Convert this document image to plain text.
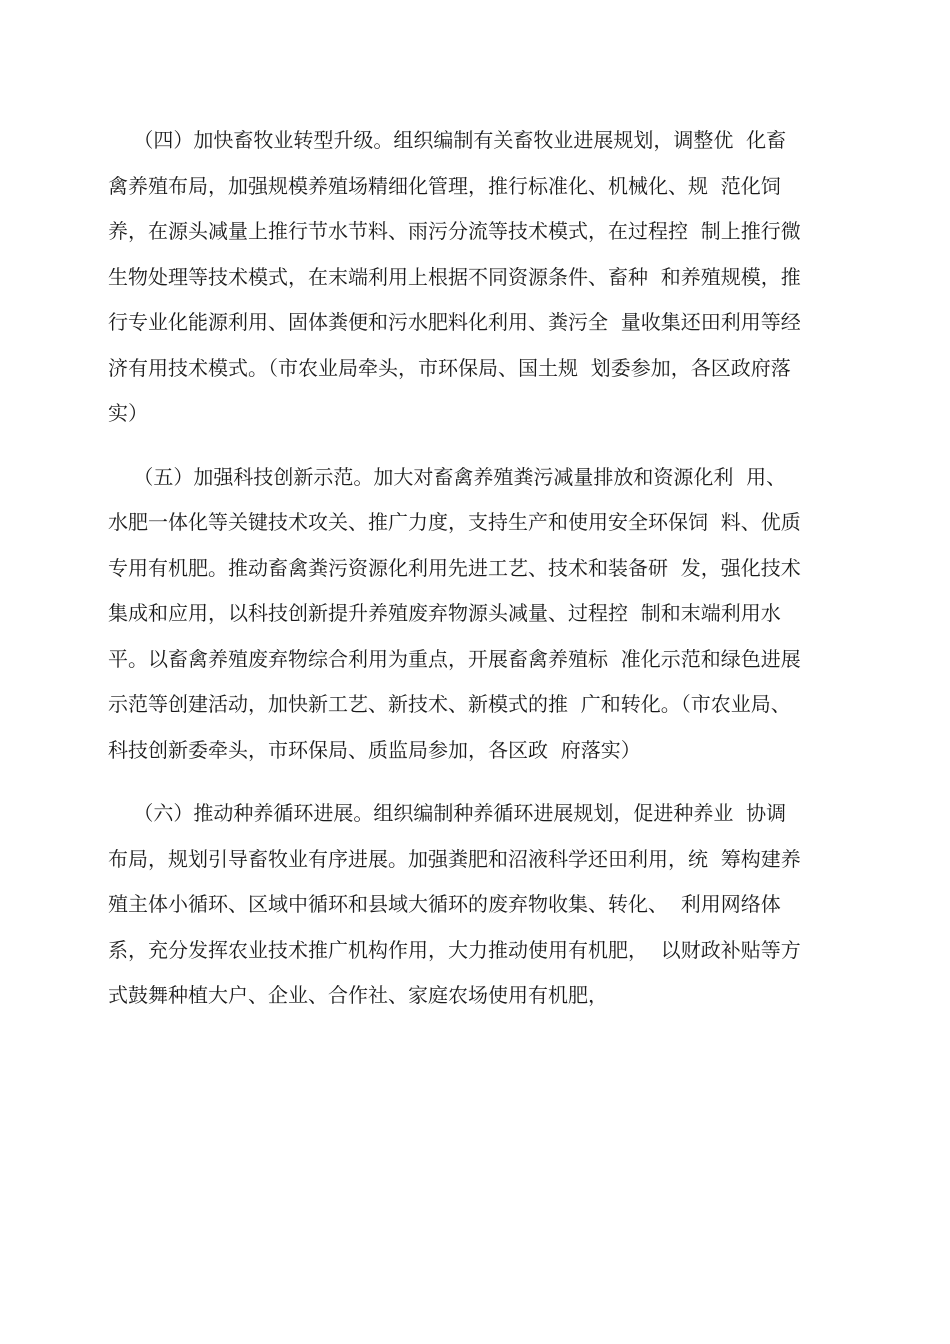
（四）加快畜牧业转型升级。组织编制有关畜牧业进展规划，调整优  化畜
禽养殖布局，加强规模养殖场精细化管理，推行标准化、机械化、规  范化饲
养，在源头减量上推行节水节料、雨污分流等技术模式，在过程控  制上推行微
生物处理等技术模式，在末端利用上根据不同资源条件、畜种  和养殖规模，推
行专业化能源利用、固体粪便和污水肥料化利用、粪污全  量收集还田利用等经
济有用技术模式。（市农业局牵头，市环保局、国土规  划委参加，各区政府落
实）

（五）加强科技创新示范。加大对畜禽养殖粪污减量排放和资源化利  用、
水肥一体化等关键技术攻关、推广力度，支持生产和使用安全环保饲  料、优质
专用有机肥。推动畜禽粪污资源化利用先进工艺、技术和装备研  发，强化技术
集成和应用，以科技创新提升养殖废弃物源头减量、过程控  制和末端利用水
平。以畜禽养殖废弃物综合利用为重点，开展畜禽养殖标  准化示范和绿色进展
示范等创建活动，加快新工艺、新技术、新模式的推  广和转化。（市农业局、
科技创新委牵头，市环保局、质监局参加，各区政  府落实）

（六）推动种养循环进展。组织编制种养循环进展规划，促进种养业  协调
布局，规划引导畜牧业有序进展。加强粪肥和沼液科学还田利用，统  筹构建养
殖主体小循环、区域中循环和县域大循环的废弃物收集、转化、  利用网络体
系，充分发挥农业技术推广机构作用，大力推动使用有机肥，  以财政补贴等方
式鼓舞种植大户、企业、合作社、家庭农场使用有机肥，
